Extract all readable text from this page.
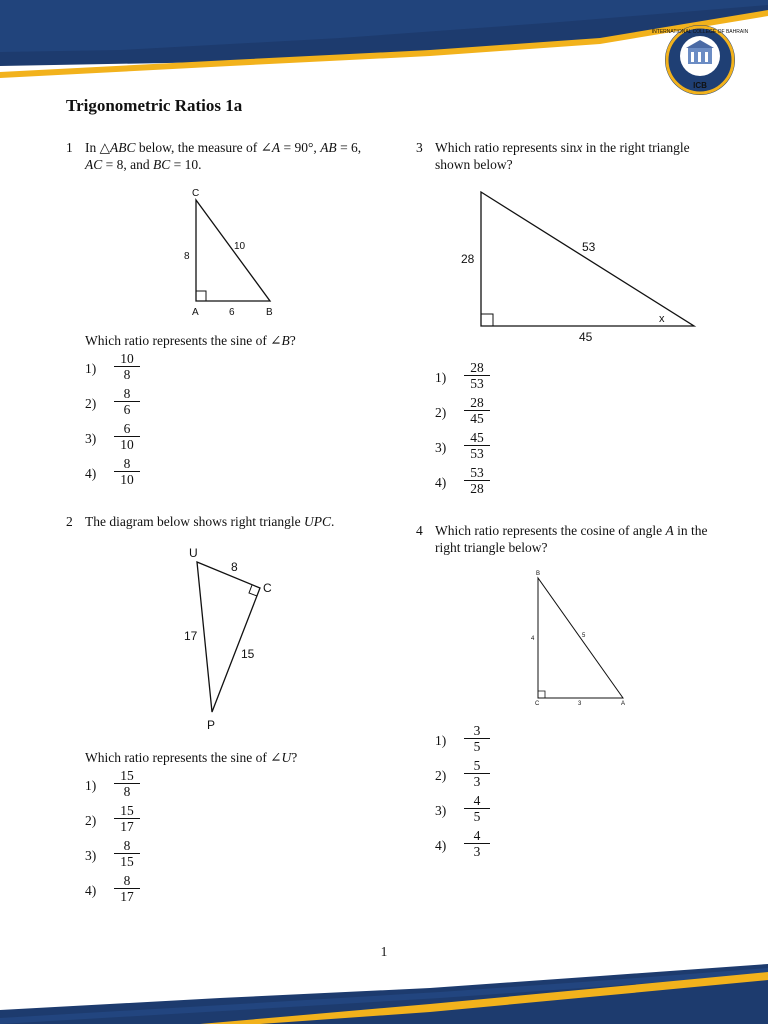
INTERNATIONAL COLLEGE OF BAHRAIN
ICB
Trigonometric Ratios 1a
1 In △ABC below, the measure of ∠A = 90°, AB = 6,
AC = 8, and BC = 10.
C
A	B
8
6
10
Which ratio represents the sine of ∠B?
$1) \frac{10}{8}$
$2) \frac{8}{6}$
$3) \frac{6}{10}$
$4) \frac{8}{10}$
2 The diagram below shows right triangle UPC.
U
C
P
8
17
15
Which ratio represents the sine of ∠U?
$1) \frac{15}{8}$
$2) \frac{15}{17}$
$3) \frac{8}{15}$
$4) \frac{8}{17}$
3 Which ratio represents sinx in the right triangle
shown below?
28
53
45
x
$1) \frac{28}{53}$
$2) \frac{28}{45}$
$3) \frac{45}{53}$
$4) \frac{53}{28}$
4 Which ratio represents the cosine of angle A in the
right triangle below?
B
C	A
4	5
3
$1) \frac{3}{5}$
$2) \frac{5}{3}$
$3) \frac{4}{5}$
$4) \frac{4}{3}$
1
